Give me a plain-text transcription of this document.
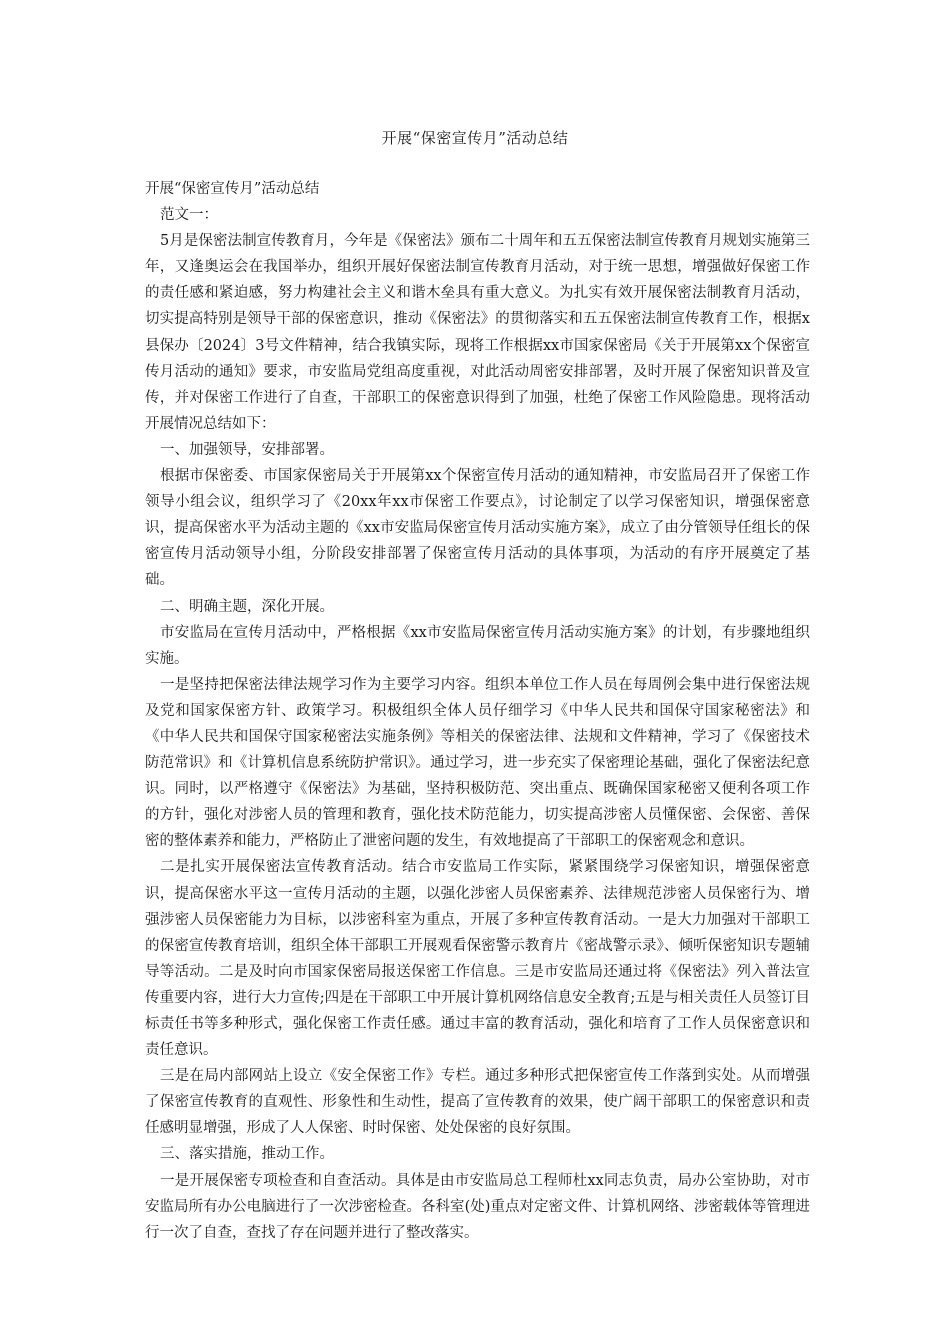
开展“保密宣传月”活动总结

开展“保密宣传月”活动总结

范文一：

5月是保密法制宣传教育月，今年是《保密法》颁布二十周年和五五保密法制宣传教育月规划实施第三年，又逢奥运会在我国举办，组织开展好保密法制宣传教育月活动，对于统一思想，增强做好保密工作的责任感和紧迫感，努力构建社会主义和谐木垒具有重大意义。为扎实有效开展保密法制教育月活动，切实提高特别是领导干部的保密意识，推动《保密法》的贯彻落实和五五保密法制宣传教育工作，根据x县保办〔2024〕3号文件精神，结合我镇实际，现将工作根据xx市国家保密局《关于开展第xx个保密宣传月活动的通知》要求，市安监局党组高度重视，对此活动周密安排部署，及时开展了保密知识普及宣传，并对保密工作进行了自查，干部职工的保密意识得到了加强，杜绝了保密工作风险隐患。现将活动开展情况总结如下：

一、加强领导，安排部署。

根据市保密委、市国家保密局关于开展第xx个保密宣传月活动的通知精神，市安监局召开了保密工作领导小组会议，组织学习了《20xx年xx市保密工作要点》，讨论制定了以学习保密知识，增强保密意识，提高保密水平为活动主题的《xx市安监局保密宣传月活动实施方案》，成立了由分管领导任组长的保密宣传月活动领导小组，分阶段安排部署了保密宣传月活动的具体事项，为活动的有序开展奠定了基础。

二、明确主题，深化开展。

市安监局在宣传月活动中，严格根据《xx市安监局保密宣传月活动实施方案》的计划，有步骤地组织实施。

一是坚持把保密法律法规学习作为主要学习内容。组织本单位工作人员在每周例会集中进行保密法规及党和国家保密方针、政策学习。积极组织全体人员仔细学习《中华人民共和国保守国家秘密法》和《中华人民共和国保守国家秘密法实施条例》等相关的保密法律、法规和文件精神，学习了《保密技术防范常识》和《计算机信息系统防护常识》。通过学习，进一步充实了保密理论基础，强化了保密法纪意识。同时，以严格遵守《保密法》为基础，坚持积极防范、突出重点、既确保国家秘密又便利各项工作的方针，强化对涉密人员的管理和教育，强化技术防范能力，切实提高涉密人员懂保密、会保密、善保密的整体素养和能力，严格防止了泄密问题的发生，有效地提高了干部职工的保密观念和意识。

二是扎实开展保密法宣传教育活动。结合市安监局工作实际，紧紧围绕学习保密知识，增强保密意识，提高保密水平这一宣传月活动的主题，以强化涉密人员保密素养、法律规范涉密人员保密行为、增强涉密人员保密能力为目标，以涉密科室为重点，开展了多种宣传教育活动。一是大力加强对干部职工的保密宣传教育培训，组织全体干部职工开展观看保密警示教育片《密战警示录》、倾听保密知识专题辅导等活动。二是及时向市国家保密局报送保密工作信息。三是市安监局还通过将《保密法》列入普法宣传重要内容，进行大力宣传;四是在干部职工中开展计算机网络信息安全教育;五是与相关责任人员签订目标责任书等多种形式，强化保密工作责任感。通过丰富的教育活动，强化和培育了工作人员保密意识和责任意识。

三是在局内部网站上设立《安全保密工作》专栏。通过多种形式把保密宣传工作落到实处。从而增强了保密宣传教育的直观性、形象性和生动性，提高了宣传教育的效果，使广阔干部职工的保密意识和责任感明显增强，形成了人人保密、时时保密、处处保密的良好氛围。

三、落实措施，推动工作。

一是开展保密专项检查和自查活动。具体是由市安监局总工程师杜xx同志负责，局办公室协助，对市安监局所有办公电脑进行了一次涉密检查。各科室(处)重点对定密文件、计算机网络、涉密载体等管理进行一次了自查，查找了存在问题并进行了整改落实。
